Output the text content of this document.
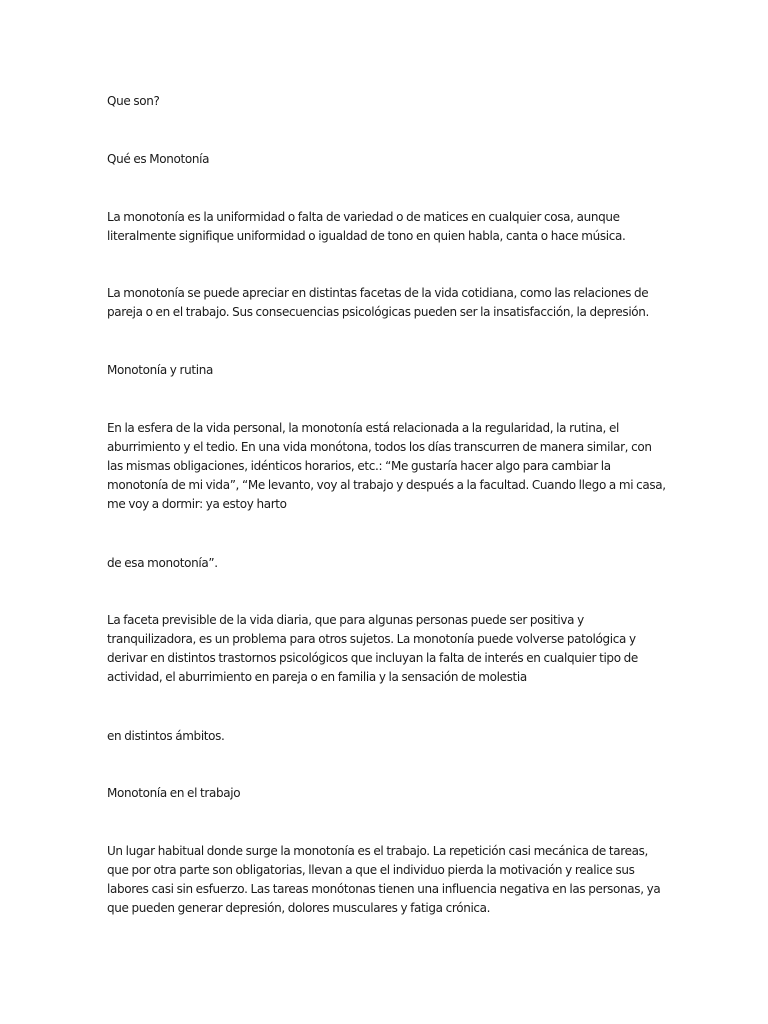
Que son?

Qué es Monotonía

La monotonía es la uniformidad o falta de variedad o de matices en cualquier cosa, aunque literalmente signifique uniformidad o igualdad de tono en quien habla, canta o hace música.

La monotonía se puede apreciar en distintas facetas de la vida cotidiana, como las relaciones de pareja o en el trabajo. Sus consecuencias psicológicas pueden ser la insatisfacción, la depresión.

Monotonía y rutina

En la esfera de la vida personal, la monotonía está relacionada a la regularidad, la rutina, el aburrimiento y el tedio. En una vida monótona, todos los días transcurren de manera similar, con las mismas obligaciones, idénticos horarios, etc.: “Me gustaría hacer algo para cambiar la monotonía de mi vida”, “Me levanto, voy al trabajo y después a la facultad. Cuando llego a mi casa, me voy a dormir: ya estoy harto

de esa monotonía”.

La faceta previsible de la vida diaria, que para algunas personas puede ser positiva y tranquilizadora, es un problema para otros sujetos. La monotonía puede volverse patológica y derivar en distintos trastornos psicológicos que incluyan la falta de interés en cualquier tipo de actividad, el aburrimiento en pareja o en familia y la sensación de molestia

en distintos ámbitos.

Monotonía en el trabajo

Un lugar habitual donde surge la monotonía es el trabajo. La repetición casi mecánica de tareas, que por otra parte son obligatorias, llevan a que el individuo pierda la motivación y realice sus labores casi sin esfuerzo. Las tareas monótonas tienen una influencia negativa en las personas, ya que pueden generar depresión, dolores musculares y fatiga crónica.
